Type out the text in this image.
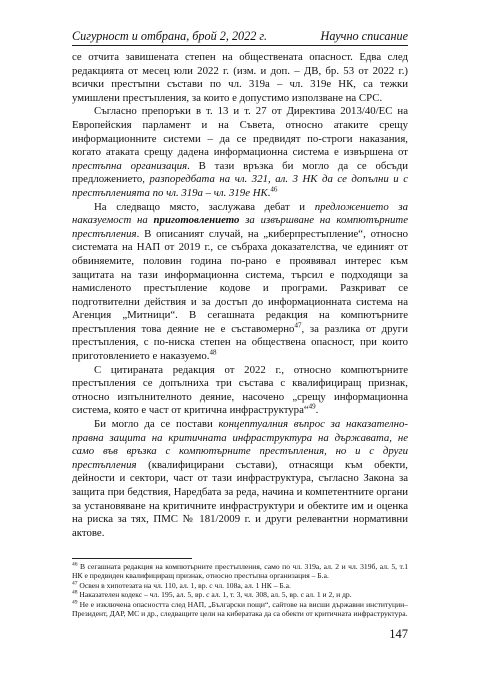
Сигурност и отбрана, брой 2, 2022 г.	Научно списание

се отчита завишената степен на обществената опасност. Едва след редакцията от месец юли 2022 г. (изм. и доп. – ДВ, бр. 53 от 2022 г.) всички престъпни състави по чл. 319а – чл. 319е НК, са тежки умишлени престъпления, за които е допустимо използване на СРС.

Съгласно препоръки в т. 13 и т. 27 от Директива 2013/40/ЕС на Европейския парламент и на Съвета, относно атаките срещу информационните системи – да се предвидят по-строги наказания, когато атаката срещу дадена информационна система е извършена от престъпна организация. В тази връзка би могло да се обсъди предложението, разпоредбата на чл. 321, ал. 3 НК да се допълни и с престъпленията по чл. 319а – чл. 319е НК.$^{46}$

На следващо място, заслужава дебат и предложението за наказуемост на приготовлението за извършване на компютърните престъпления. В описаният случай, на „киберпрестъпление“, относно системата на НАП от 2019 г., се събраха доказателства, че единият от обвиняемите, половин година по-рано е проявявал интерес към защитата на тази информационна система, търсил е подходящи за намисленото престъпление кодове и програми. Разкриват се подготвителни действия и за достъп до информационната система на Агенция „Митници“. В сегашната редакция на компютърните престъпления това деяние не е съставомерно$^{47}$, за разлика от други престъпления, с по-ниска степен на обществена опасност, при които приготовлението е наказуемо.$^{48}$

С цитираната редакция от 2022 г., относно компютърните престъпления се допълниха три състава с квалифициращ признак, относно изпълнителното деяние, насочено „срещу информационна система, която е част от критична инфраструктура“$^{49}$.

Би могло да се постави концептуалния въпрос за наказателно-правна защита на критичната инфраструктура на държавата, не само във връзка с компютърните престъпления, но и с други престъпления (квалифицирани състави), отнасящи към обекти, дейности и сектори, част от тази инфраструктура, съгласно Закона за защита при бедствия, Наредбата за реда, начина и компетентните органи за установяване на критичните инфраструктури и обектите им и оценка на риска за тях, ПМС № 181/2009 г. и други релевантни нормативни актове.

$^{46}$ В сегашната редакция на компютърните престъпления, само по чл. 319а, ал. 2 и чл. 319б, ал. 5, т.1 НК е предвиден квалифициращ признак, относно престъпна организация – Б.а.
$^{47}$ Освен в хипотезата на чл. 110, ал. 1, вр. с чл. 108а, ал. 1 НК – Б.а.
$^{48}$ Наказателен кодекс – чл. 195, ал. 5, вр. с ал. 1, т. 3, чл. 308, ал. 5, вр. с ал. 1 и 2, и др.
$^{49}$ Не е изключена опасността след НАП, „Български пощи“, сайтове на висши държавни институции– Президент, ДАР, МС и др., следващите цели на кибератака да са обекти от критичната инфраструктура.
147
